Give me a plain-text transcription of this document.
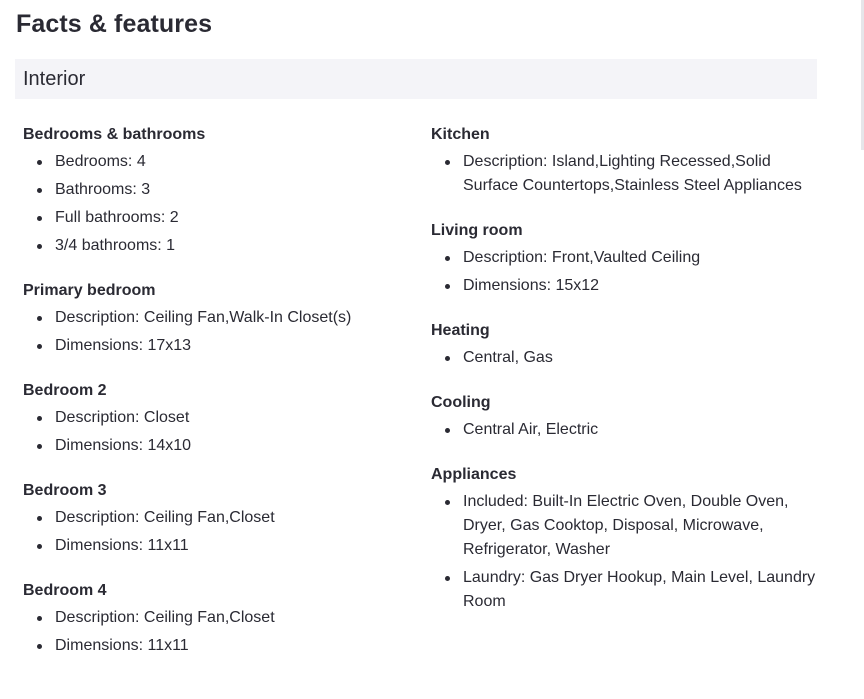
Facts & features
Interior
Bedrooms & bathrooms
Bedrooms: 4
Bathrooms: 3
Full bathrooms: 2
3/4 bathrooms: 1
Primary bedroom
Description: Ceiling Fan,Walk-In Closet(s)
Dimensions: 17x13
Bedroom 2
Description: Closet
Dimensions: 14x10
Bedroom 3
Description: Ceiling Fan,Closet
Dimensions: 11x11
Bedroom 4
Description: Ceiling Fan,Closet
Dimensions: 11x11
Kitchen
Description: Island,Lighting Recessed,Solid Surface Countertops,Stainless Steel Appliances
Living room
Description: Front,Vaulted Ceiling
Dimensions: 15x12
Heating
Central, Gas
Cooling
Central Air, Electric
Appliances
Included: Built-In Electric Oven, Double Oven, Dryer, Gas Cooktop, Disposal, Microwave, Refrigerator, Washer
Laundry: Gas Dryer Hookup, Main Level, Laundry Room
